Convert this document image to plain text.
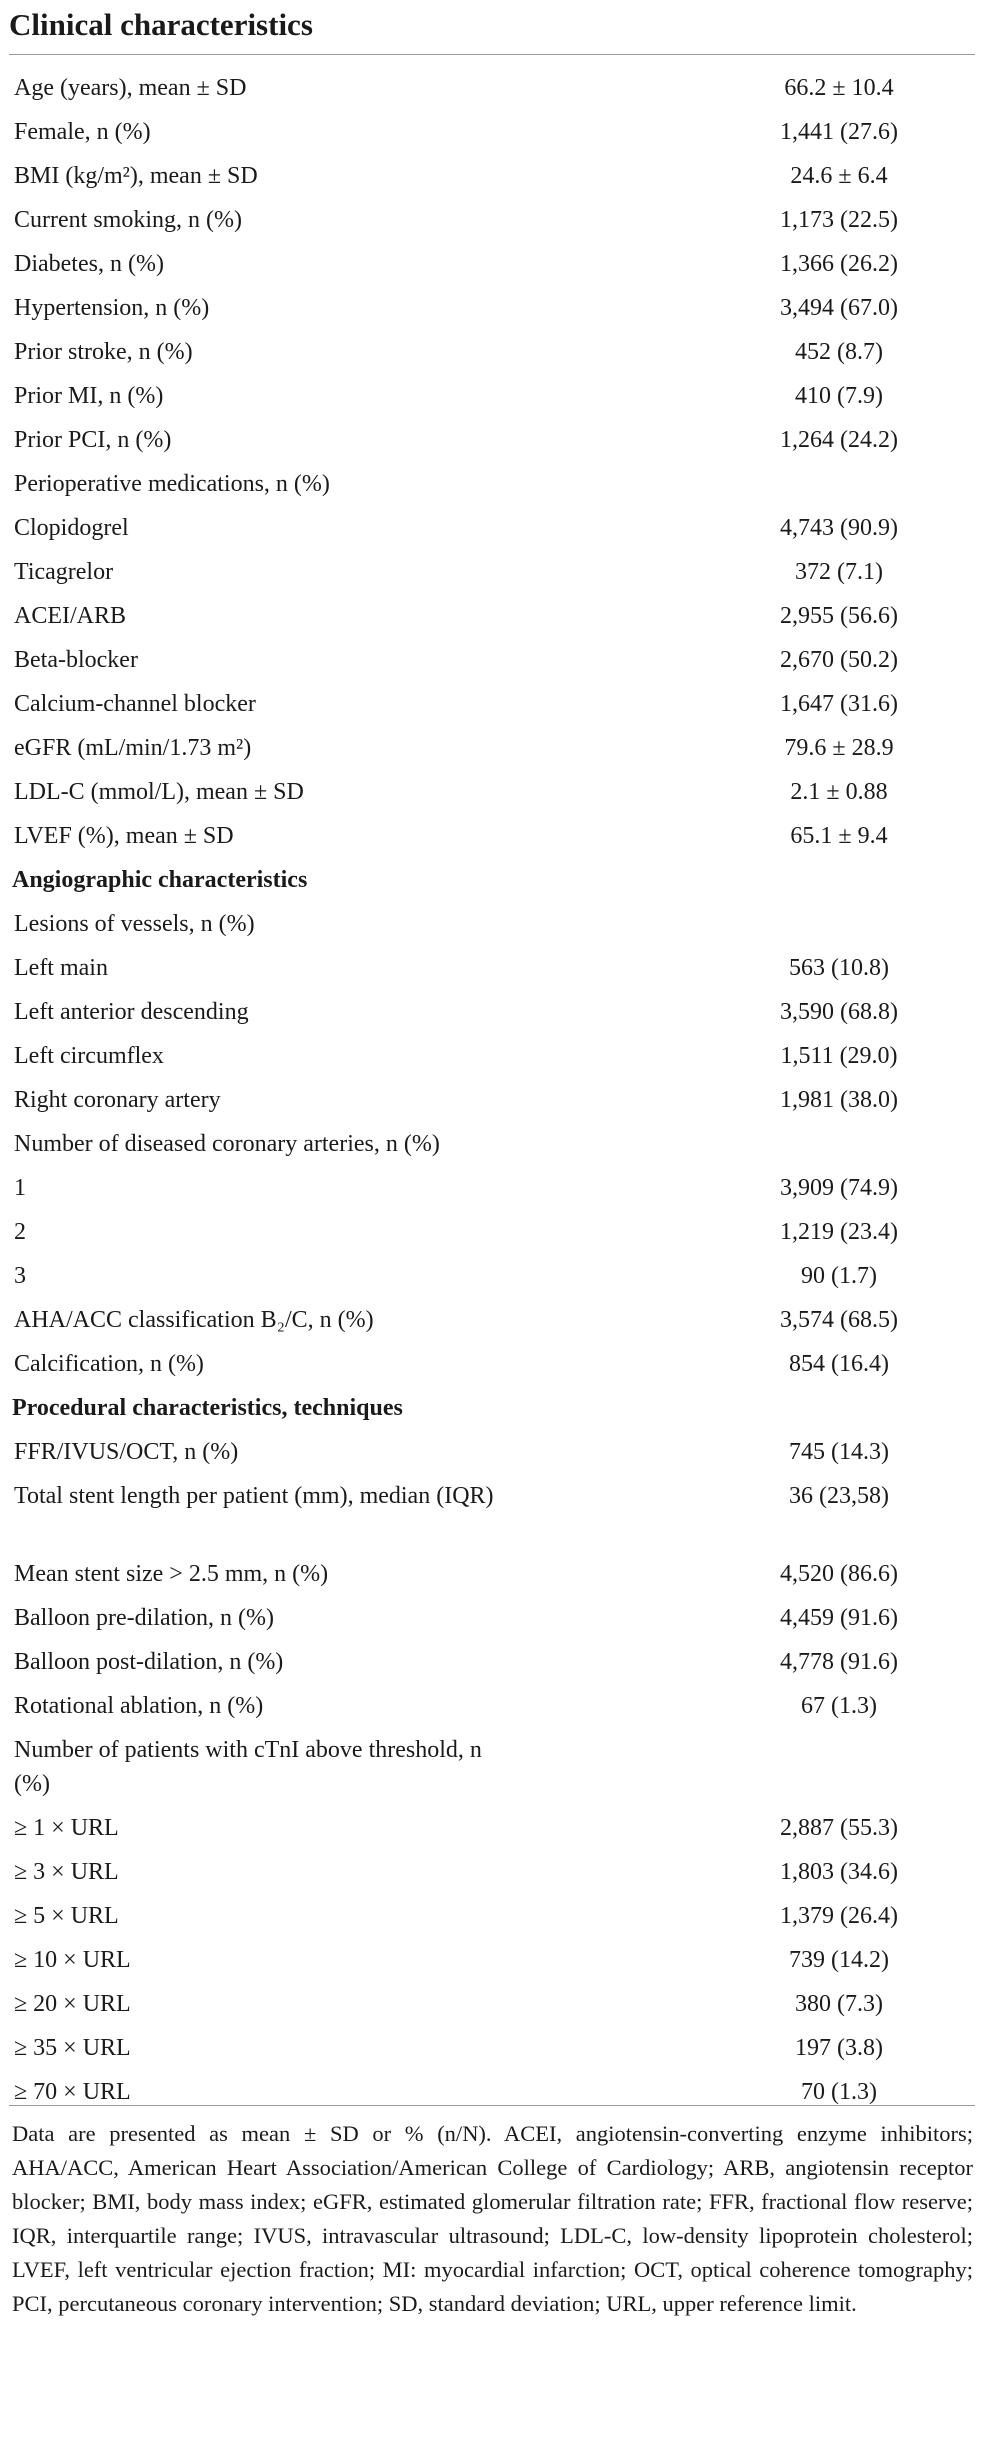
Clinical characteristics
Age (years), mean ± SD	66.2 ± 10.4
Female, n (%)	1,441 (27.6)
BMI (kg/m²), mean ± SD	24.6 ± 6.4
Current smoking, n (%)	1,173 (22.5)
Diabetes, n (%)	1,366 (26.2)
Hypertension, n (%)	3,494 (67.0)
Prior stroke, n (%)	452 (8.7)
Prior MI, n (%)	410 (7.9)
Prior PCI, n (%)	1,264 (24.2)
Perioperative medications, n (%)
Clopidogrel	4,743 (90.9)
Ticagrelor	372 (7.1)
ACEI/ARB	2,955 (56.6)
Beta-blocker	2,670 (50.2)
Calcium-channel blocker	1,647 (31.6)
eGFR (mL/min/1.73 m²)	79.6 ± 28.9
LDL-C (mmol/L), mean ± SD	2.1 ± 0.88
LVEF (%), mean ± SD	65.1 ± 9.4
Angiographic characteristics
Lesions of vessels, n (%)
Left main	563 (10.8)
Left anterior descending	3,590 (68.8)
Left circumflex	1,511 (29.0)
Right coronary artery	1,981 (38.0)
Number of diseased coronary arteries, n (%)
1	3,909 (74.9)
2	1,219 (23.4)
3	90 (1.7)
AHA/ACC classification B₂/C, n (%)	3,574 (68.5)
Calcification, n (%)	854 (16.4)
Procedural characteristics, techniques
FFR/IVUS/OCT, n (%)	745 (14.3)
Total stent length per patient (mm), median (IQR)	36 (23,58)
Mean stent size > 2.5 mm, n (%)	4,520 (86.6)
Balloon pre-dilation, n (%)	4,459 (91.6)
Balloon post-dilation, n (%)	4,778 (91.6)
Rotational ablation, n (%)	67 (1.3)
Number of patients with cTnI above threshold, n (%)
≥ 1 × URL	2,887 (55.3)
≥ 3 × URL	1,803 (34.6)
≥ 5 × URL	1,379 (26.4)
≥ 10 × URL	739 (14.2)
≥ 20 × URL	380 (7.3)
≥ 35 × URL	197 (3.8)
≥ 70 × URL	70 (1.3)
Data are presented as mean ± SD or % (n/N). ACEI, angiotensin-converting enzyme inhibitors; AHA/ACC, American Heart Association/American College of Cardiology; ARB, angiotensin receptor blocker; BMI, body mass index; eGFR, estimated glomerular filtration rate; FFR, fractional flow reserve; IQR, interquartile range; IVUS, intravascular ultrasound; LDL-C, low-density lipoprotein cholesterol; LVEF, left ventricular ejection fraction; MI: myocardial infarction; OCT, optical coherence tomography; PCI, percutaneous coronary intervention; SD, standard deviation; URL, upper reference limit.
